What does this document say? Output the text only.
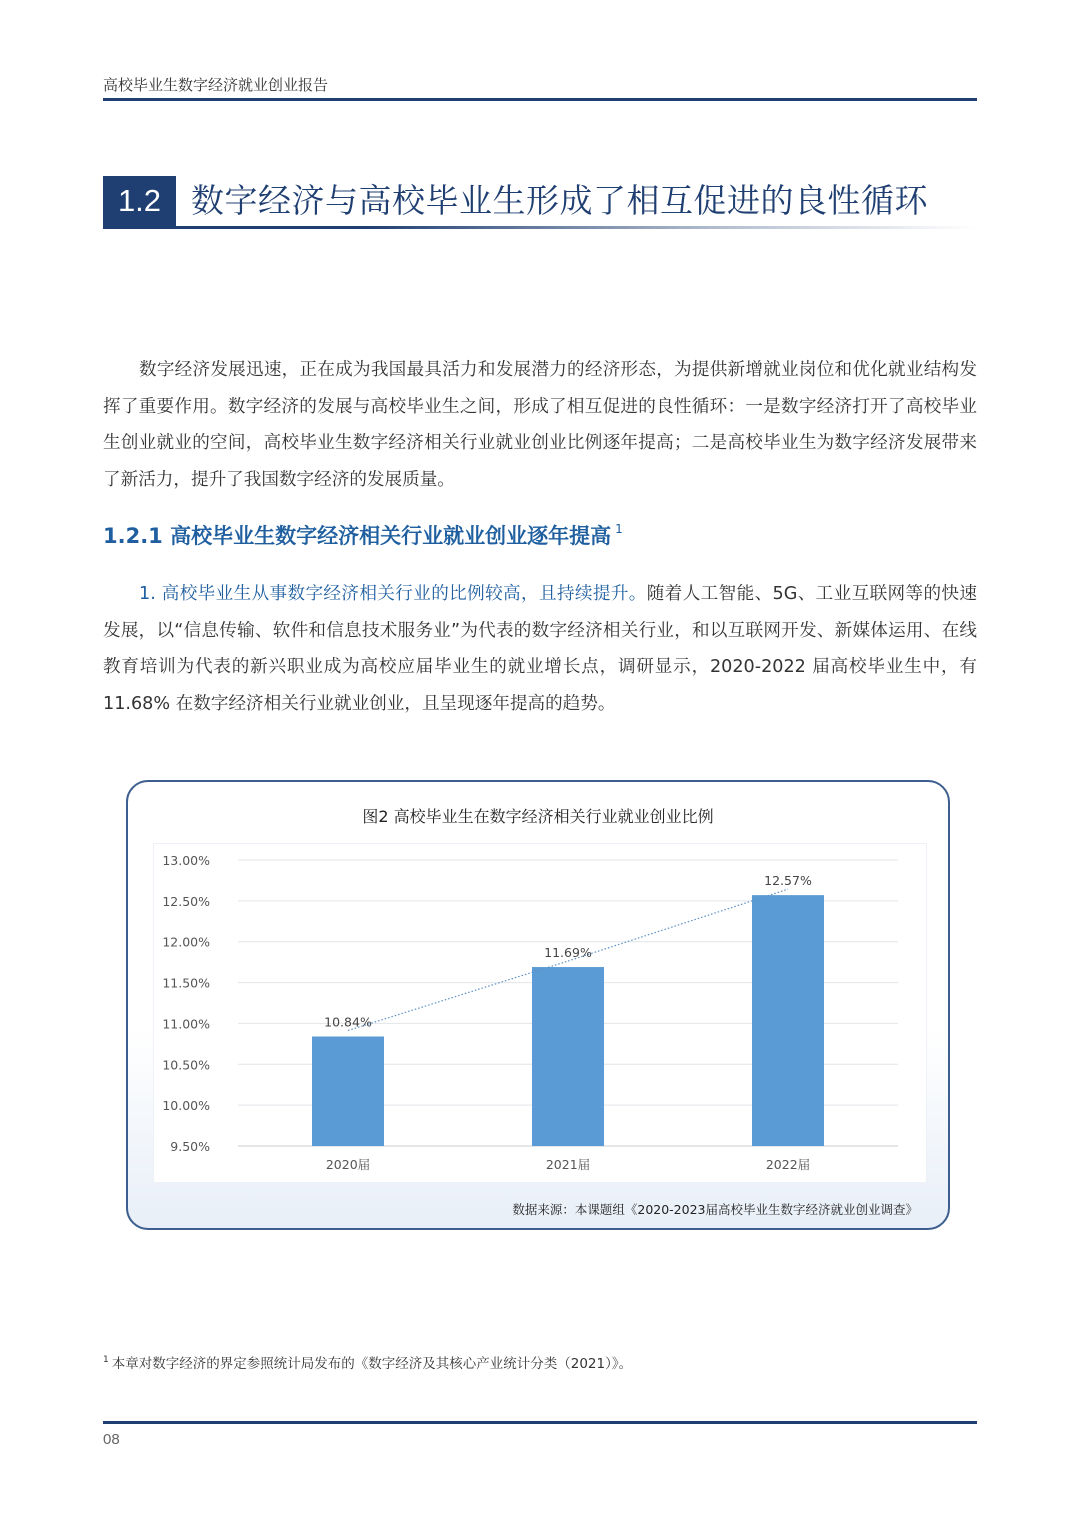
高校毕业生数字经济就业创业报告
1.2 数字经济与高校毕业生形成了相互促进的良性循环

数字经济发展迅速，正在成为我国最具活力和发展潜力的经济形态，为提供新增就业岗位和优化就业结构发挥了重要作用。数字经济的发展与高校毕业生之间，形成了相互促进的良性循环：一是数字经济打开了高校毕业生创业就业的空间，高校毕业生数字经济相关行业就业创业比例逐年提高；二是高校毕业生为数字经济发展带来了新活力，提升了我国数字经济的发展质量。

1.2.1 高校毕业生数字经济相关行业就业创业逐年提高 $^1$

1. 高校毕业生从事数字经济相关行业的比例较高，且持续提升。随着人工智能、5G、工业互联网等的快速发展，以“信息传输、软件和信息技术服务业”为代表的数字经济相关行业，和以互联网开发、新媒体运用、在线教育培训为代表的新兴职业成为高校应届毕业生的就业增长点，调研显示，2020-2022 届高校毕业生中，有 11.68% 在数字经济相关行业就业创业，且呈现逐年提高的趋势。

图2 高校毕业生在数字经济相关行业就业创业比例
9.50%
10.00%
10.50%
11.00%
11.50%
12.00%
12.50%
13.00%
10.84%
2020届
11.69%
2021届
12.57%
2022届
数据来源：本课题组《2020-2023届高校毕业生数字经济就业创业调查》
$^1$ 本章对数字经济的界定参照统计局发布的《数字经济及其核心产业统计分类（2021）》。
08
